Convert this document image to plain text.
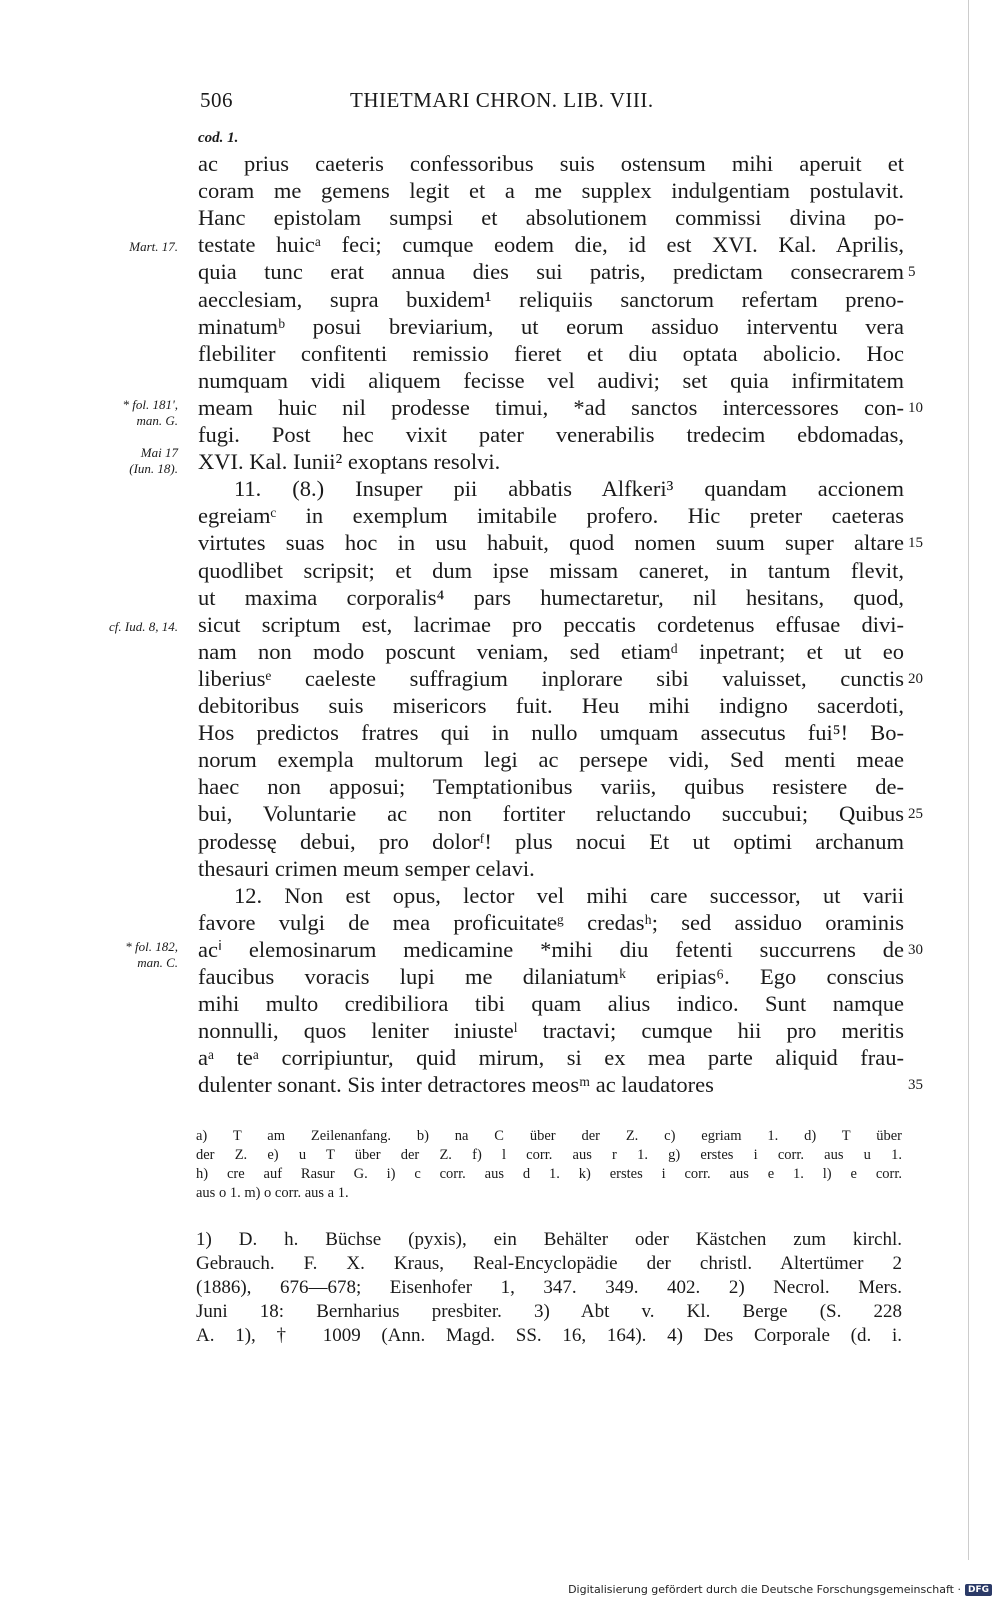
506	THIETMARI CHRON. LIB. VIII.
cod. 1.
ac prius caeteris confessoribus suis ostensum mihi aperuit et
coram me gemens legit et a me supplex indulgentiam postulavit.
Hanc epistolam sumpsi et absolutionem commissi divina po-
testate huicᵃ feci; cumque eodem die, id est XVI. Kal. Aprilis,
quia tunc erat annua dies sui patris, predictam consecrarem
aecclesiam, supra buxidem¹ reliquiis sanctorum refertam preno-
minatumᵇ posui breviarium, ut eorum assiduo interventu vera
flebiliter confitenti remissio fieret et diu optata abolicio. Hoc
numquam vidi aliquem fecisse vel audivi; set quia infirmitatem
meam huic nil prodesse timui, *ad sanctos intercessores con-
fugi. Post hec vixit pater venerabilis tredecim ebdomadas,
XVI. Kal. Iunii² exoptans resolvi.
11. (8.) Insuper pii abbatis Alfkeri³ quandam accionem
egreiamᶜ in exemplum imitabile profero. Hic preter caeteras
virtutes suas hoc in usu habuit, quod nomen suum super altare
quodlibet scripsit; et dum ipse missam caneret, in tantum flevit,
ut maxima corporalis⁴ pars humectaretur, nil hesitans, quod,
sicut scriptum est, lacrimae pro peccatis cordetenus effusae divi-
nam non modo poscunt veniam, sed etiamᵈ inpetrant; et ut eo
liberiusᵉ caeleste suffragium inplorare sibi valuisset, cunctis
debitoribus suis misericors fuit. Heu mihi indigno sacerdoti,
Hos predictos fratres qui in nullo umquam assecutus fui⁵! Bo-
norum exempla multorum legi ac persepe vidi, Sed menti meae
haec non apposui; Temptationibus variis, quibus resistere de-
bui, Voluntarie ac non fortiter reluctando succubui; Quibus
prodessę debui, pro dolorᶠ! plus nocui Et ut optimi archanum
thesauri crimen meum semper celavi.
12. Non est opus, lector vel mihi care successor, ut varii
favore vulgi de mea proficuitateᵍ credasʰ; sed assiduo oraminis
acⁱ elemosinarum medicamine *mihi diu fetenti succurrens de
faucibus voracis lupi me dilaniatumᵏ eripias⁶. Ego conscius
mihi multo credibiliora tibi quam alius indico. Sunt namque
nonnulli, quos leniter iniusteˡ tractavi; cumque hii pro meritis
aᵃ teᵃ corripiuntur, quid mirum, si ex mea parte aliquid frau-
dulenter sonant. Sis inter detractores meosᵐ ac laudatores
5
10
15
20
25
30
35
Mart. 17.
* fol. 181',
man. G.
Mai 17
(Iun. 18).
cf. Iud. 8, 14.
* fol. 182,
man. C.
a) T am Zeilenanfang. b) na C über der Z. c) egriam 1. d) T über
der Z. e) u T über der Z. f) l corr. aus r 1. g) erstes i corr. aus u 1.
h) cre auf Rasur G. i) c corr. aus d 1. k) erstes i corr. aus e 1. l) e corr.
aus o 1. m) o corr. aus a 1.
1) D. h. Büchse (pyxis), ein Behälter oder Kästchen zum kirchl.
Gebrauch. F. X. Kraus, Real-Encyclopädie der christl. Altertümer 2
(1886), 676—678; Eisenhofer 1, 347. 349. 402. 2) Necrol. Mers.
Juni 18: Bernharius presbiter. 3) Abt v. Kl. Berge (S. 228
A. 1), † 1009 (Ann. Magd. SS. 16, 164). 4) Des Corporale (d. i.
Digitalisierung gefördert durch die Deutsche Forschungsgemeinschaft · DFG
